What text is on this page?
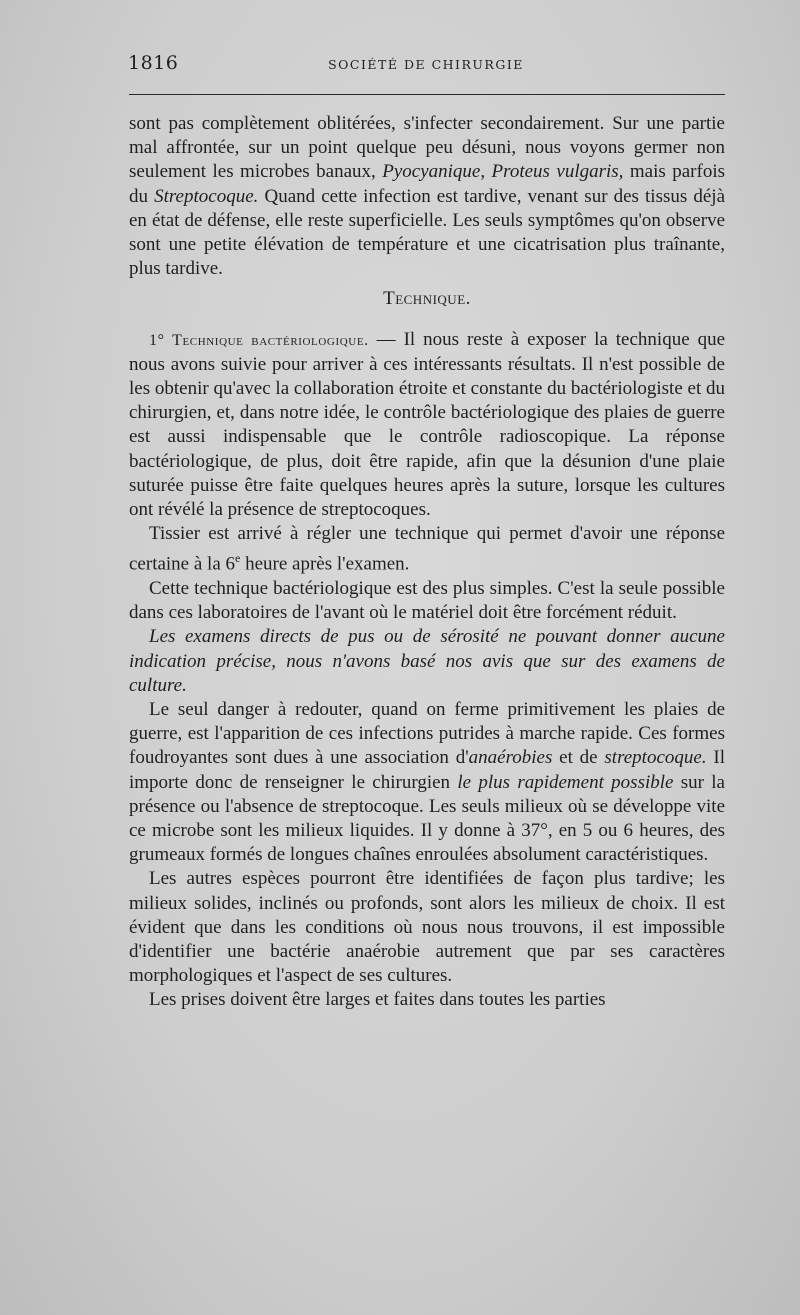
1816	SOCIÉTÉ DE CHIRURGIE

sont pas complètement oblitérées, s'infecter secondairement. Sur une partie mal affrontée, sur un point quelque peu désuni, nous voyons germer non seulement les microbes banaux, Pyocyanique, Proteus vulgaris, mais parfois du Streptocoque. Quand cette infection est tardive, venant sur des tissus déjà en état de défense, elle reste superficielle. Les seuls symptômes qu'on observe sont une petite élévation de température et une cicatrisation plus traînante, plus tardive.

Technique.

1° Technique bactériologique. — Il nous reste à exposer la technique que nous avons suivie pour arriver à ces intéressants résultats. Il n'est possible de les obtenir qu'avec la collaboration étroite et constante du bactériologiste et du chirurgien, et, dans notre idée, le contrôle bactériologique des plaies de guerre est aussi indispensable que le contrôle radioscopique. La réponse bactériologique, de plus, doit être rapide, afin que la désunion d'une plaie suturée puisse être faite quelques heures après la suture, lorsque les cultures ont révélé la présence de streptocoques.

Tissier est arrivé à régler une technique qui permet d'avoir une réponse certaine à la 6e heure après l'examen.

Cette technique bactériologique est des plus simples. C'est la seule possible dans ces laboratoires de l'avant où le matériel doit être forcément réduit.

Les examens directs de pus ou de sérosité ne pouvant donner aucune indication précise, nous n'avons basé nos avis que sur des examens de culture.

Le seul danger à redouter, quand on ferme primitivement les plaies de guerre, est l'apparition de ces infections putrides à marche rapide. Ces formes foudroyantes sont dues à une association d'anaérobies et de streptocoque. Il importe donc de renseigner le chirurgien le plus rapidement possible sur la présence ou l'absence de streptocoque. Les seuls milieux où se développe vite ce microbe sont les milieux liquides. Il y donne à 37°, en 5 ou 6 heures, des grumeaux formés de longues chaînes enroulées absolument caractéristiques.

Les autres espèces pourront être identifiées de façon plus tardive; les milieux solides, inclinés ou profonds, sont alors les milieux de choix. Il est évident que dans les conditions où nous nous trouvons, il est impossible d'identifier une bactérie anaérobie autrement que par ses caractères morphologiques et l'aspect de ses cultures.

Les prises doivent être larges et faites dans toutes les parties
